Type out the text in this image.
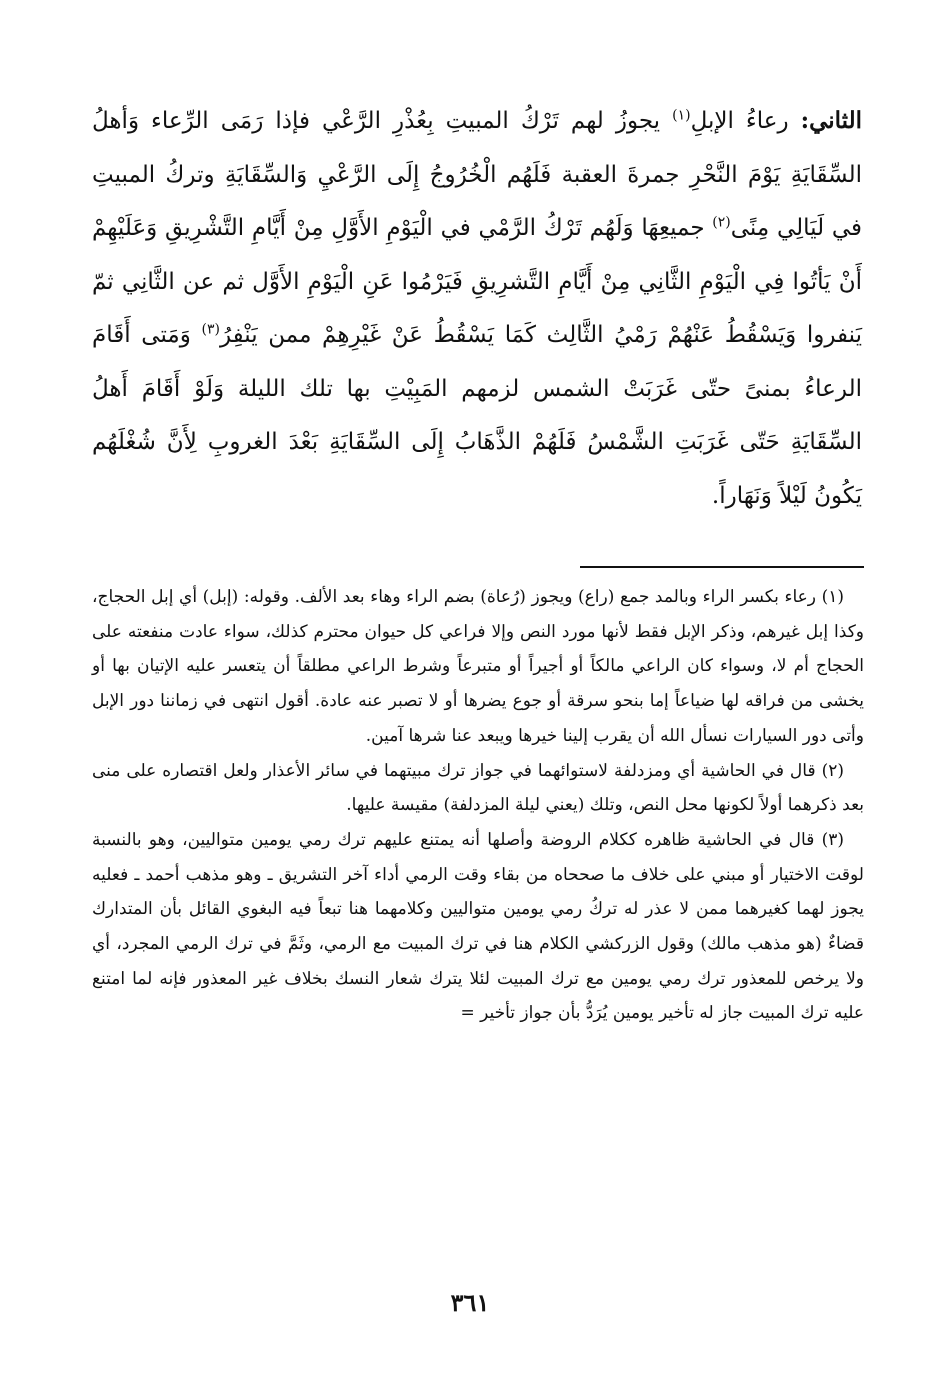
الثاني: رعاءُ الإبلِ$^{(١)}$ يجوزُ لهم تَرْكُ المبيتِ بِعُذْرِ الرَّعْي فإذا رَمَى الرِّعاء وَأهلُ السِّقَايَةِ يَوْمَ النَّحْرِ جمرةَ العقبة فَلَهُم الْخُرُوجُ إِلَى الرَّعْيِ وَالسِّقَايَةِ وتركُ المبيتِ في لَيَالِي مِنًى$^{(٢)}$ جميعِهَا وَلَهُم تَرْكُ الرَّمْي في الْيَوْمِ الأَوَّلِ مِنْ أَيَّامِ التَّشْرِيقِ وَعَلَيْهِمْ أَنْ يَأتُوا فِي الْيَوْمِ الثَّانِي مِنْ أَيَّامِ التَّشرِيقِ فَيَرْمُوا عَنِ الْيَوْمِ الأَوَّل ثم عن الثَّانِي ثمّ يَنفروا وَيَسْقُطُ عَنْهُمْ رَمْيُ الثَّالِث كَمَا يَسْقُطُ عَنْ غَيْرِهِمْ ممن يَنْفِرُ$^{(٣)}$ وَمَتى أَقَامَ الرعاءُ بمنىً حتّى غَرَبَتْ الشمس لزمهم المَبِيْتِ بها تلك الليلة وَلَوْ أَقَامَ أَهلُ السِّقَايَةِ حَتّى غَرَبَتِ الشَّمْسُ فَلَهُمْ الذَّهَابُ إِلَى السِّقَايَةِ بَعْدَ الغروبِ لِأَنَّ شُغْلَهُم يَكُونُ لَيْلاً وَنَهَاراً.

(١) رعاء بكسر الراء وبالمد جمع (راع) ويجوز (رُعاة) بضم الراء وهاء بعد الألف. وقوله: (إبل) أي إبل الحجاج، وكذا إبل غيرهم، وذكر الإبل فقط لأنها مورد النص وإلا فراعي كل حيوان محترم كذلك، سواء عادت منفعته على الحجاج أم لا، وسواء كان الراعي مالكاً أو أجيراً أو متبرعاً وشرط الراعي مطلقاً أن يتعسر عليه الإتيان بها أو يخشى من فراقه لها ضياعاً إما بنحو سرقة أو جوع يضرها أو لا تصبر عنه عادة. أقول انتهى في زماننا دور الإبل وأتى دور السيارات نسأل الله أن يقرب إلينا خيرها ويبعد عنا شرها آمين.

(٢) قال في الحاشية أي ومزدلفة لاستوائهما في جواز ترك مبيتهما في سائر الأعذار ولعل اقتصاره على منى بعد ذكرهما أولاً لكونها محل النص، وتلك (يعني ليلة المزدلفة) مقيسة عليها.

(٣) قال في الحاشية ظاهره ككلام الروضة وأصلها أنه يمتنع عليهم ترك رمي يومين متواليين، وهو بالنسبة لوقت الاختيار أو مبني على خلاف ما صححاه من بقاء وقت الرمي أداء آخر التشريق ـ وهو مذهب أحمد ـ فعليه يجوز لهما كغيرهما ممن لا عذر له تركُ رمي يومين متواليين وكلامهما هنا تبعاً فيه البغوي القائل بأن المتدارك قضاءٌ (هو مذهب مالك) وقول الزركشي الكلام هنا في ترك المبيت مع الرمي، وثَمَّ في ترك الرمي المجرد، أي ولا يرخص للمعذور ترك رمي يومين مع ترك المبيت لئلا يترك شعار النسك بخلاف غير المعذور فإنه لما امتنع عليه ترك المبيت جاز له تأخير يومين يُرَدُّ بأن جواز تأخير =

٣٦١
